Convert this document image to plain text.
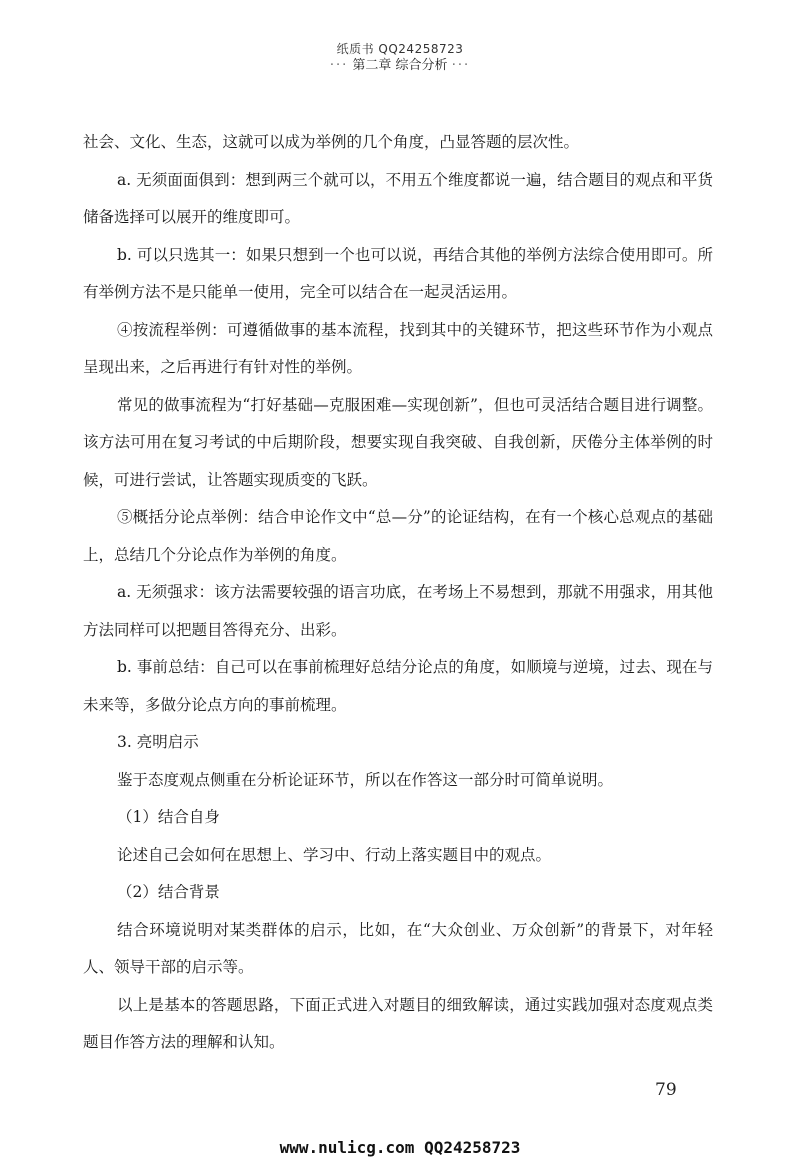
纸质书 QQ24258723
··· 第二章 综合分析 ···

社会、文化、生态，这就可以成为举例的几个角度，凸显答题的层次性。

a. 无须面面俱到：想到两三个就可以，不用五个维度都说一遍，结合题目的观点和平货储备选择可以展开的维度即可。

b. 可以只选其一：如果只想到一个也可以说，再结合其他的举例方法综合使用即可。所有举例方法不是只能单一使用，完全可以结合在一起灵活运用。

④按流程举例：可遵循做事的基本流程，找到其中的关键环节，把这些环节作为小观点呈现出来，之后再进行有针对性的举例。

常见的做事流程为“打好基础—克服困难—实现创新”，但也可灵活结合题目进行调整。该方法可用在复习考试的中后期阶段，想要实现自我突破、自我创新，厌倦分主体举例的时候，可进行尝试，让答题实现质变的飞跃。

⑤概括分论点举例：结合申论作文中“总—分”的论证结构，在有一个核心总观点的基础上，总结几个分论点作为举例的角度。

a. 无须强求：该方法需要较强的语言功底，在考场上不易想到，那就不用强求，用其他方法同样可以把题目答得充分、出彩。

b. 事前总结：自己可以在事前梳理好总结分论点的角度，如顺境与逆境，过去、现在与未来等，多做分论点方向的事前梳理。

3. 亮明启示

鉴于态度观点侧重在分析论证环节，所以在作答这一部分时可简单说明。

（1）结合自身

论述自己会如何在思想上、学习中、行动上落实题目中的观点。

（2）结合背景

结合环境说明对某类群体的启示，比如，在“大众创业、万众创新”的背景下，对年轻人、领导干部的启示等。

以上是基本的答题思路，下面正式进入对题目的细致解读，通过实践加强对态度观点类题目作答方法的理解和认知。

79
www.nulicg.com QQ24258723
